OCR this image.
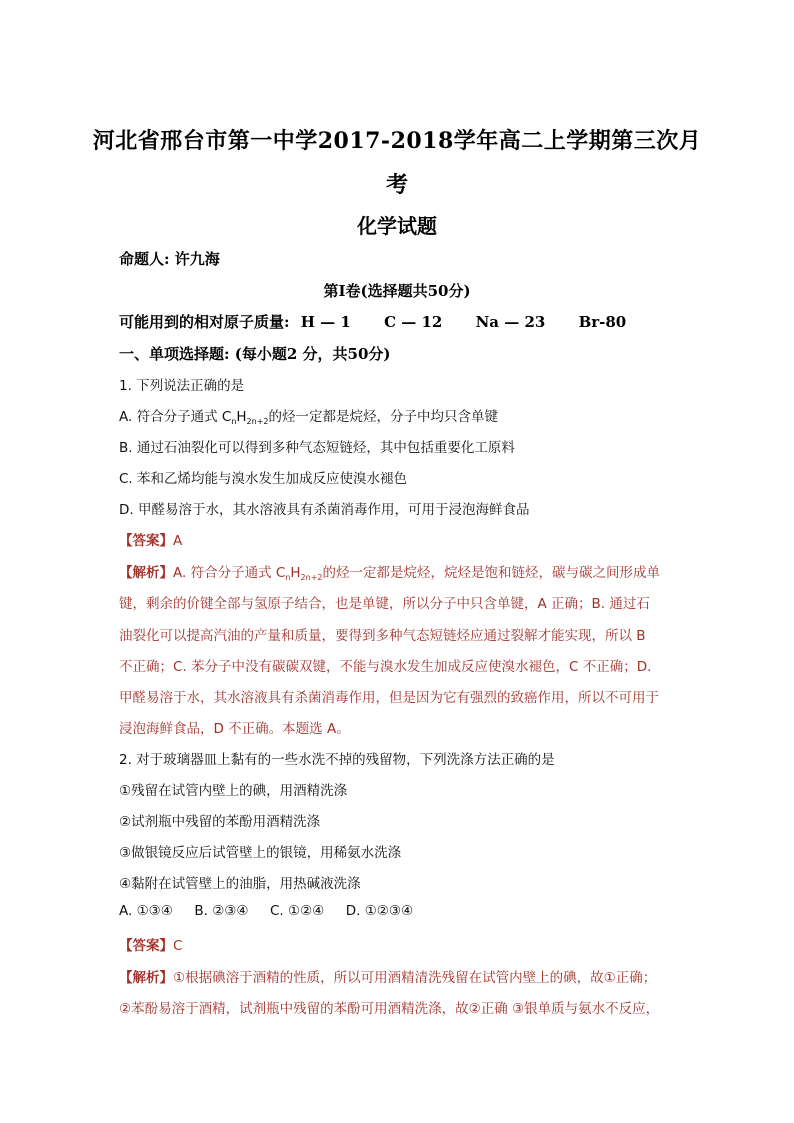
河北省邢台市第一中学2017-2018学年高二上学期第三次月
考
化学试题
命题人: 许九海
第I卷(选择题共50分)
可能用到的相对原子质量: H — 1 C — 12 Na — 23 Br-80
一、单项选择题: (每小题2 分，共50分)
1. 下列说法正确的是
A. 符合分子通式 $C_nH_{2n+2}$的烃一定都是烷烃，分子中均只含单键
B. 通过石油裂化可以得到多种气态短链烃，其中包括重要化工原料
C. 苯和乙烯均能与溴水发生加成反应使溴水褪色
D. 甲醛易溶于水，其水溶液具有杀菌消毒作用，可用于浸泡海鲜食品
【答案】A
【解析】A. 符合分子通式 $C_nH_{2n+2}$的烃一定都是烷烃，烷烃是饱和链烃，碳与碳之间形成单
键，剩余的价键全部与氢原子结合，也是单键，所以分子中只含单键，A 正确；B. 通过石
油裂化可以提高汽油的产量和质量，要得到多种气态短链烃应通过裂解才能实现，所以 B
不正确；C. 苯分子中没有碳碳双键，不能与溴水发生加成反应使溴水褪色，C 不正确；D.
甲醛易溶于水，其水溶液具有杀菌消毒作用，但是因为它有强烈的致癌作用，所以不可用于
浸泡海鲜食品，D 不正确。本题选 A。
2. 对于玻璃器皿上黏有的一些水洗不掉的残留物，下列洗涤方法正确的是
①残留在试管内壁上的碘，用酒精洗涤
②试剂瓶中残留的苯酚用酒精洗涤
③做银镜反应后试管壁上的银镜，用稀氨水洗涤
④黏附在试管壁上的油脂，用热碱液洗涤
A. ①③④     B. ②③④     C. ①②④     D. ①②③④
【答案】C
【解析】①根据碘溶于酒精的性质，所以可用酒精清洗残留在试管内壁上的碘，故①正确；
②苯酚易溶于酒精，试剂瓶中残留的苯酚可用酒精洗涤，故②正确 ③银单质与氨水不反应，
